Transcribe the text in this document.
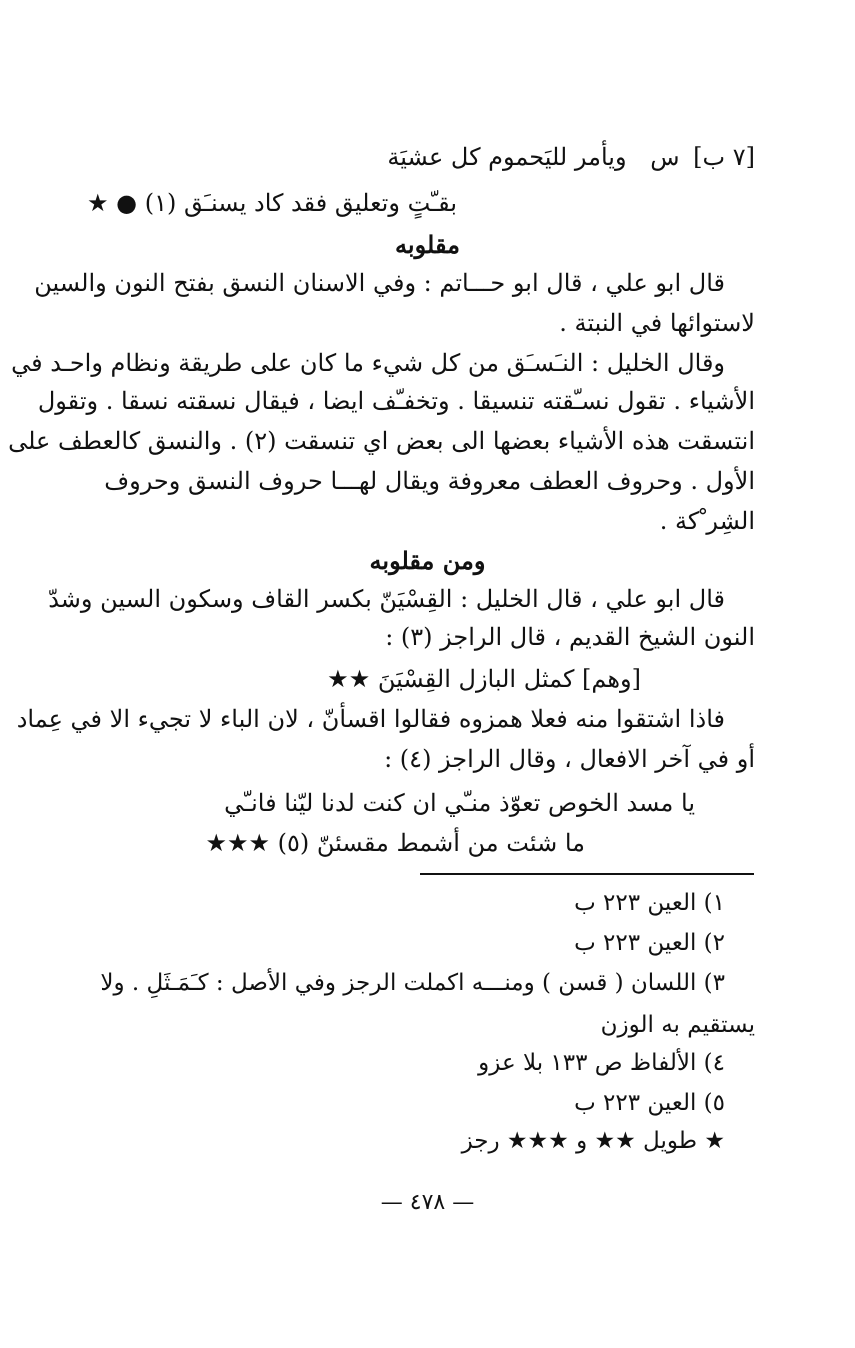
[٧ ب] س ويأمر لليَحموم كل عشيَة
بقـّتٍ وتعليق فقد كاد يسنـَق (١) ● ★
مقلوبه
قال ابو علي ، قال ابو حـــاتم : وفي الاسنان النسق بفتح النون والسين
لاستوائها في النبتة .
وقال الخليل : النـَسـَق من كل شيء ما كان على طريقة ونظام واحـد في
الأشياء . تقول نسـّقته تنسيقا . وتخفـّف ايضا ، فيقال نسقته نسقا . وتقول
انتسقت هذه الأشياء بعضها الى بعض اي تنسقت (٢) . والنسق كالعطف على
الأول . وحروف العطف معروفة ويقال لهـــا حروف النسق وحروف
الشِر ْكة .
ومن مقلوبه
قال ابو علي ، قال الخليل : القِسْيَنّ بكسر القاف وسكون السين وشدّ
النون الشيخ القديم ، قال الراجز (٣) :
[وهم] كمثل البازل القِسْيَنَ ★★
فاذا اشتقوا منه فعلا همزوه فقالوا اقسأنّ ، لان الباء لا تجيء الا في عِماد
أو في آخر الافعال ، وقال الراجز (٤) :
يا مسد الخوص تعوّذ منـّي ان كنت لدنا ليّنا فانـّي
ما شئت من أشمط مقسئنّ (٥) ★★★
١) العين ٢٢٣ ب
٢) العين ٢٢٣ ب
٣) اللسان ( قسن ) ومنـــه اكملت الرجز وفي الأصل : كـَمَـثَلِ . ولا
يستقيم به الوزن
٤) الألفاظ ص ١٣٣ بلا عزو
٥) العين ٢٢٣ ب
★ طويل ★★ و ★★★ رجز
— ٤٧٨ —
